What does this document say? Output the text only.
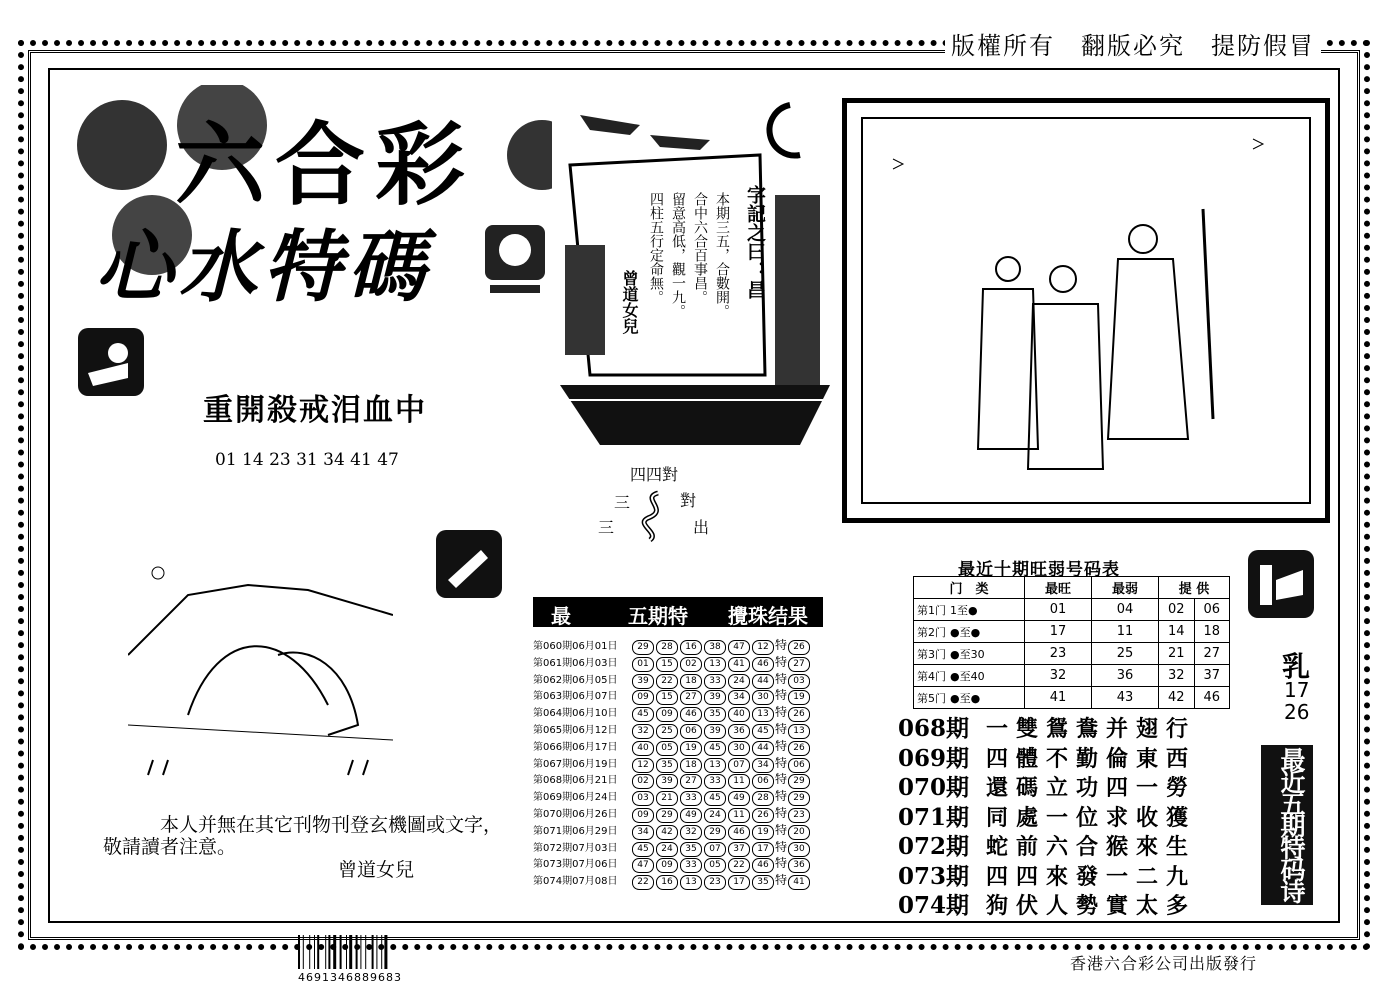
版權所有　翻版必究　提防假冒
六合彩
心水特碼	字記之曰：昌
本期三五，合數開。
合中六合百事昌。
留意高低，觀一九。
四柱五行定命無。
曾道女兒
四四對
三	對
三	出
重開殺戒泪血中
01 14 23 31 34 41 47
本人并無在其它刊物刊登玄機圖或文字，
敬請讀者注意。
曾道女兒
最	五期特 攪珠结果
第060期06月01日 29 28 16 38 47 12 特 26
第061期06月03日 01 15 02 13 41 46 特 27
第062期06月05日 39 22 18 33 24 44 特 03
第063期06月07日 09 15 27 39 34 30 特 19
第064期06月10日 45 09 46 35 40 13 特 26
第065期06月12日 32 25 06 39 36 45 特 13
第066期06月17日 40 05 19 45 30 44 特 26
第067期06月19日 12 35 18 13 07 34 特 06
第068期06月21日 02 39 27 33 11 06 特 29
第069期06月24日 03 21 33 45 49 28 特 29
第070期06月26日 09 29 49 24 11 26 特 23
第071期06月29日 34 42 32 29 46 19 特 20
第072期07月03日 45 24 35 07 37 17 特 30
第073期07月06日 47 09 33 05 22 46 特 36
第074期07月08日 22 16 13 23 17 35 特 41
最近十期旺弱号码表
门　类	最旺	最弱	提 供	
第1门 1至●	01	04	02	06
第2门 ●至●	17	11	14	18
第3门 ●至30	23	25	21	27
第4门 ●至40	32	36	32	37
第5门 ●至●	41	43	42	46
乳
17
26
最近五期特码诗
068期 一雙鴛鴦并翅行
069期 四體不勤倫東西
070期 還碼立功四一勞
071期 同處一位求收獲
072期 蛇前六合猴來生
073期 四四來發一二九
074期 狗伏人勢實太多
4691346889683
香港六合彩公司出版發行
